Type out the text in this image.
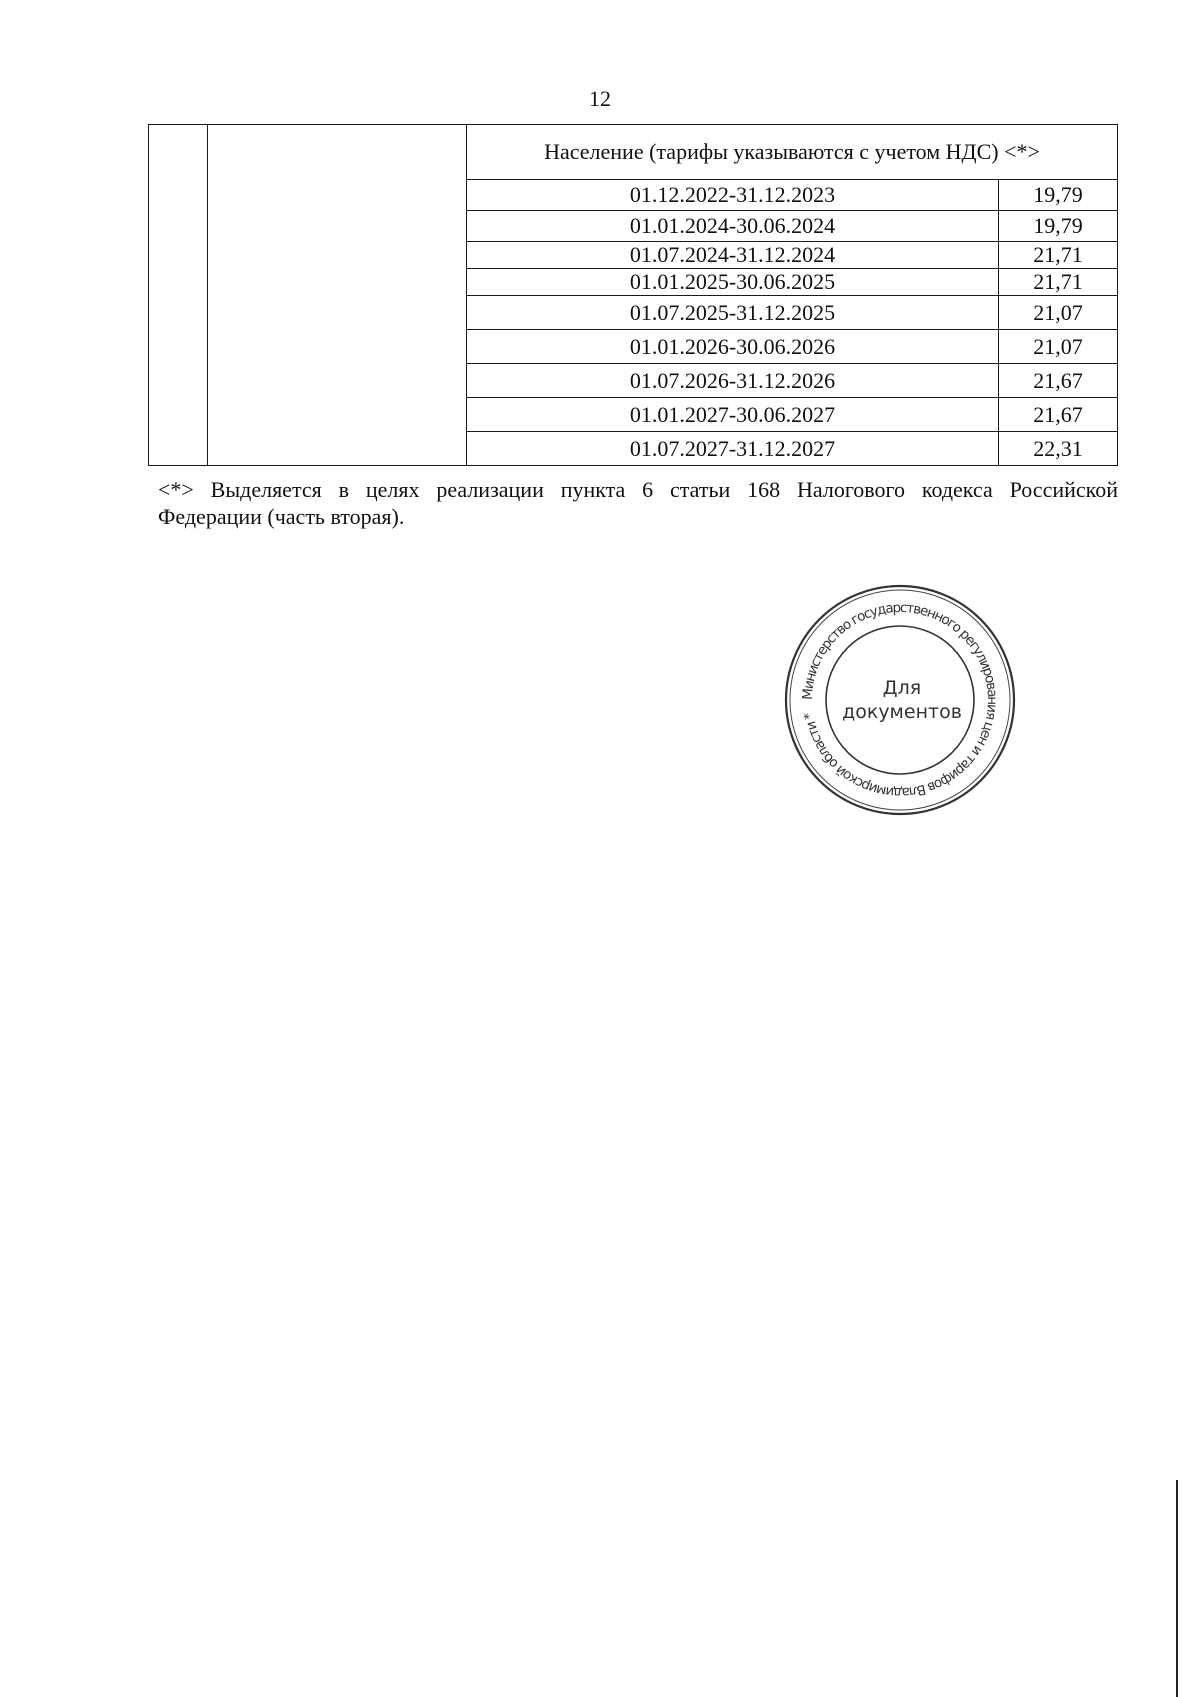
12
		Население (тарифы указываются с учетом НДС) <*>	
		01.12.2022-31.12.2023	19,79
		01.01.2024-30.06.2024	19,79
		01.07.2024-31.12.2024	21,71
		01.01.2025-30.06.2025	21,71
		01.07.2025-31.12.2025	21,07
		01.01.2026-30.06.2026	21,07
		01.07.2026-31.12.2026	21,67
		01.01.2027-30.06.2027	21,67
		01.07.2027-31.12.2027	22,31
<*> Выделяется в целях реализации пункта 6 статьи 168 Налогового кодекса Российской
Федерации (часть вторая).
Министерство государственного регулирования цен и тарифов Владимирской области *
Для
документов
